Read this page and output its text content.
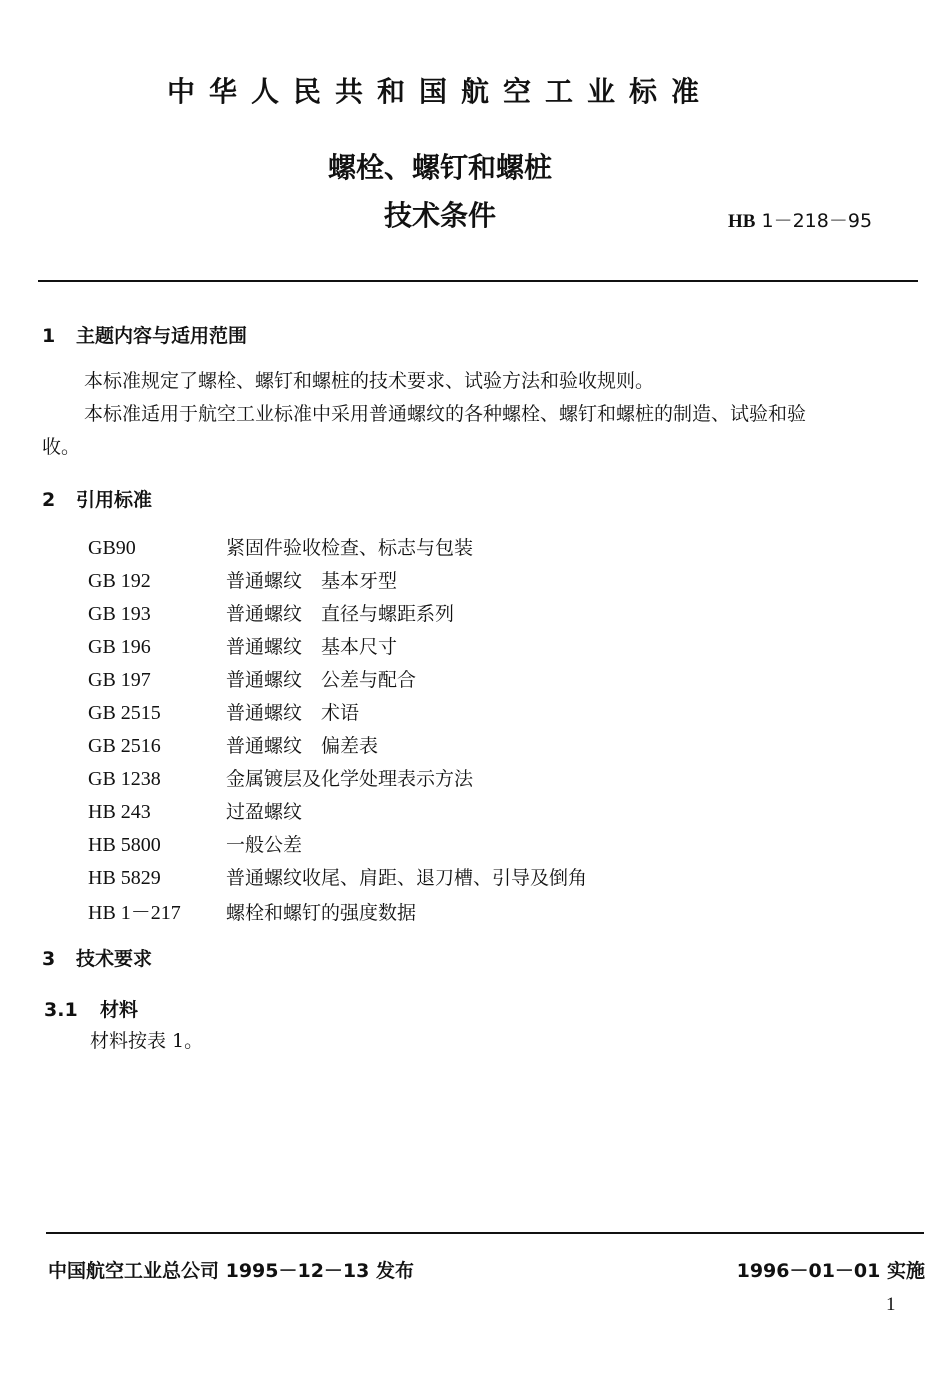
中华人民共和国航空工业标准
螺栓、螺钉和螺桩
技术条件	HB 1－218－95
1 主题内容与适用范围
本标准规定了螺栓、螺钉和螺桩的技术要求、试验方法和验收规则。
本标准适用于航空工业标准中采用普通螺纹的各种螺栓、螺钉和螺桩的制造、试验和验
收。
2 引用标准
GB90	紧固件验收检查、标志与包装
GB 192	普通螺纹　基本牙型
GB 193	普通螺纹　直径与螺距系列
GB 196	普通螺纹　基本尺寸
GB 197	普通螺纹　公差与配合
GB 2515	普通螺纹　术语
GB 2516	普通螺纹　偏差表
GB 1238	金属镀层及化学处理表示方法
HB 243	过盈螺纹
HB 5800	一般公差
HB 5829	普通螺纹收尾、肩距、退刀槽、引导及倒角
HB 1－217 螺栓和螺钉的强度数据
3 技术要求
3.1 材料
材料按表 1。
中国航空工业总公司 1995－12－13 发布	1996－01－01 实施
1
